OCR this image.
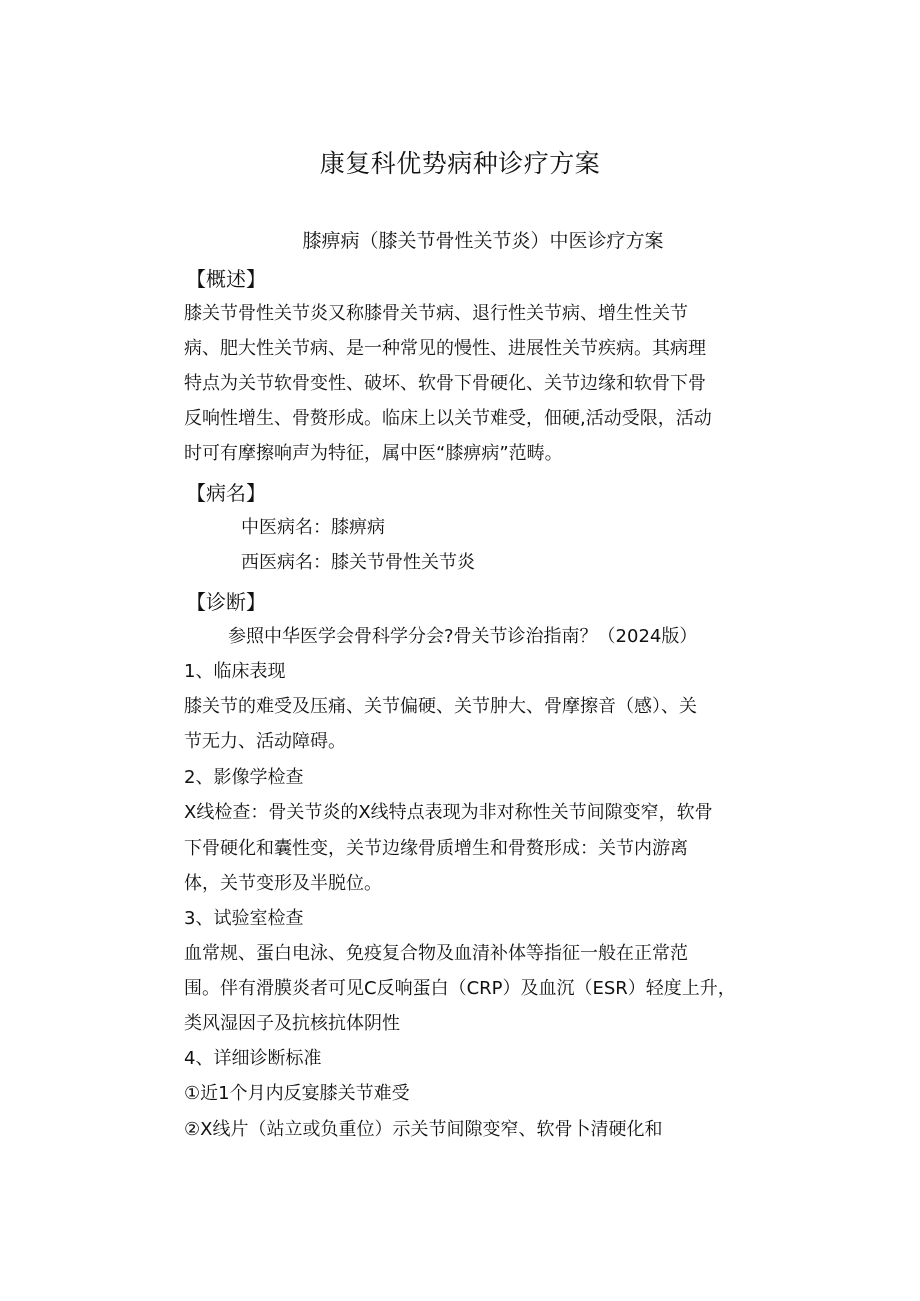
康复科优势病种诊疗方案
膝痹病（膝关节骨性关节炎）中医诊疗方案
【概述】
膝关节骨性关节炎又称膝骨关节病、退行性关节病、增生性关节
病、肥大性关节病、是一种常见的慢性、进展性关节疾病。其病理
特点为关节软骨变性、破坏、软骨下骨硬化、关节边缘和软骨下骨
反响性增生、骨赘形成。临床上以关节难受，佃硬,活动受限，活动
时可有摩擦响声为特征，属中医“膝痹病”范畴。
【病名】
中医病名：膝痹病
西医病名：膝关节骨性关节炎
【诊断】
参照中华医学会骨科学分会?骨关节诊治指南？（2024版）
1、临床表现
膝关节的难受及压痛、关节偏硬、关节肿大、骨摩擦音（感）、关
节无力、活动障碍。
2、影像学检查
X线检查：骨关节炎的X线特点表现为非对称性关节间隙变窄，软骨
下骨硬化和囊性变，关节边缘骨质增生和骨赘形成：关节内游离
体，关节变形及半脱位。
3、试验室检查
血常规、蛋白电泳、免疫复合物及血清补体等指征一般在正常范
围。伴有滑膜炎者可见C反响蛋白（CRP）及血沉（ESR）轻度上升，
类风湿因子及抗核抗体阴性
4、详细诊断标准
①近1个月内反宴膝关节难受
②X线片（站立或负重位）示关节间隙变窄、软骨卜清硬化和
